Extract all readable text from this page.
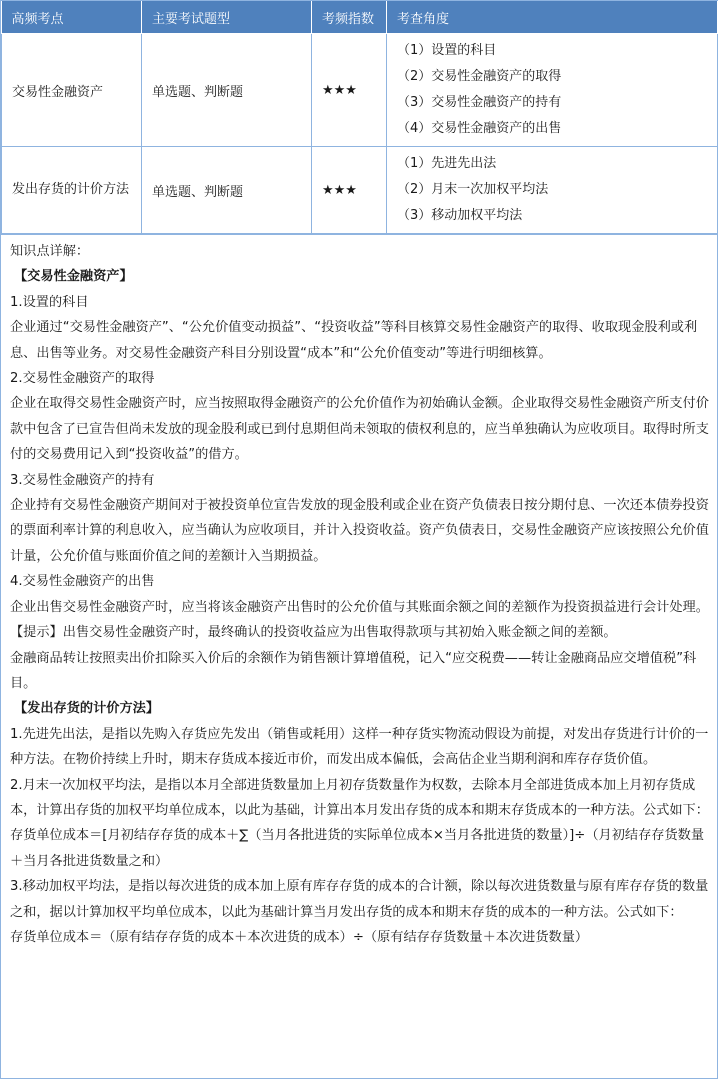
高频考点	主要考试题型	考频指数	考查角度
交易性金融资产	单选题、判断题	★★★	（1）设置的科目
（2）交易性金融资产的取得
（3）交易性金融资产的持有
（4）交易性金融资产的出售

发出存货的计价方法	单选题、判断题	★★★	（1）先进先出法
（2）月末一次加权平均法
（3）移动加权平均法

知识点详解：

【交易性金融资产】

1.设置的科目

企业通过“交易性金融资产”、“公允价值变动损益”、“投资收益”等科目核算交易性金融资产的取得、收取现金股利或利息、出售等业务。对交易性金融资产科目分别设置“成本”和“公允价值变动”等进行明细核算。

2.交易性金融资产的取得

企业在取得交易性金融资产时，应当按照取得金融资产的公允价值作为初始确认金额。企业取得交易性金融资产所支付价款中包含了已宣告但尚未发放的现金股利或已到付息期但尚未领取的债权利息的，应当单独确认为应收项目。取得时所支付的交易费用记入到“投资收益”的借方。

3.交易性金融资产的持有

企业持有交易性金融资产期间对于被投资单位宣告发放的现金股利或企业在资产负债表日按分期付息、一次还本债券投资的票面利率计算的利息收入，应当确认为应收项目，并计入投资收益。资产负债表日，交易性金融资产应该按照公允价值计量，公允价值与账面价值之间的差额计入当期损益。

4.交易性金融资产的出售

企业出售交易性金融资产时，应当将该金融资产出售时的公允价值与其账面余额之间的差额作为投资损益进行会计处理。

【提示】出售交易性金融资产时，最终确认的投资收益应为出售取得款项与其初始入账金额之间的差额。

金融商品转让按照卖出价扣除买入价后的余额作为销售额计算增值税，记入“应交税费——转让金融商品应交增值税”科目。

【发出存货的计价方法】

1.先进先出法，是指以先购入存货应先发出（销售或耗用）这样一种存货实物流动假设为前提，对发出存货进行计价的一种方法。在物价持续上升时，期末存货成本接近市价，而发出成本偏低，会高估企业当期利润和库存存货价值。

2.月末一次加权平均法，是指以本月全部进货数量加上月初存货数量作为权数，去除本月全部进货成本加上月初存货成本，计算出存货的加权平均单位成本，以此为基础，计算出本月发出存货的成本和期末存货成本的一种方法。公式如下：

存货单位成本＝[月初结存存货的成本＋∑（当月各批进货的实际单位成本×当月各批进货的数量）]÷（月初结存存货数量＋当月各批进货数量之和）

3.移动加权平均法，是指以每次进货的成本加上原有库存存货的成本的合计额，除以每次进货数量与原有库存存货的数量之和，据以计算加权平均单位成本，以此为基础计算当月发出存货的成本和期末存货的成本的一种方法。公式如下：

存货单位成本＝（原有结存存货的成本＋本次进货的成本）÷（原有结存存货数量＋本次进货数量）
